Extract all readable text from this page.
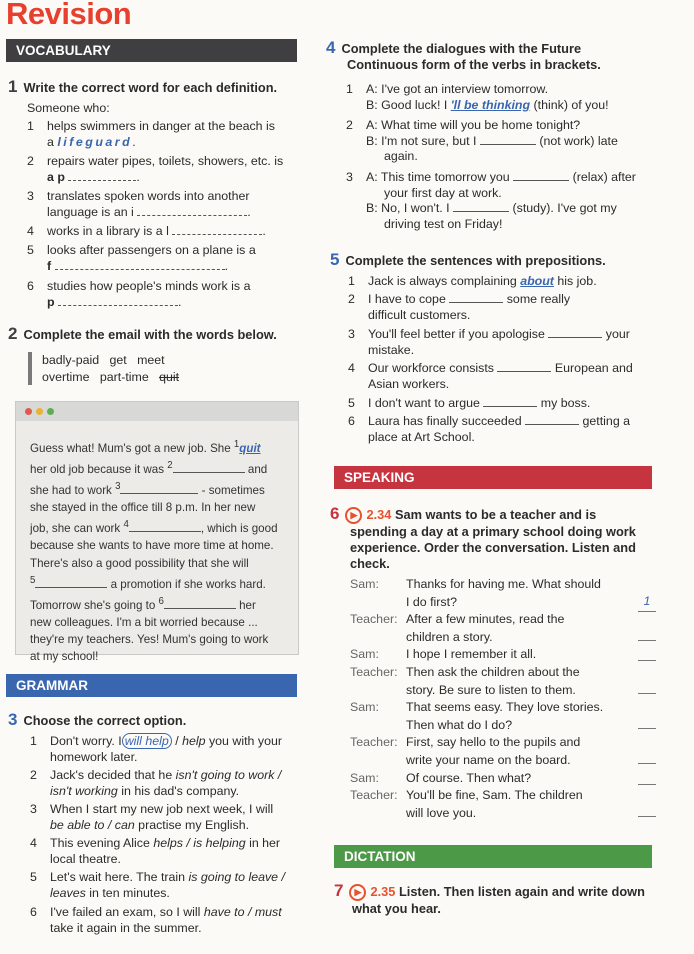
Revision
VOCABULARY
1 Write the correct word for each definition.
Someone who:
1 helps swimmers in danger at the beach is
a lifeguard.
2 repairs water pipes, toilets, showers, etc. is
a p	.
3 translates spoken words into another
language is an i	.
4 works in a library is a l	.
5 looks after passengers on a plane is a
f	.
6 studies how people's minds work is a
p	.
2 Complete the email with the words below.
badly-paid get meet
overtime part-time quit
Guess what! Mum's got a new job. She $^1$quit
her old job because it was $^2$	and
she had to work $^3$	- sometimes
she stayed in the office till 8 p.m. In her new
job, she can work $^4$	, which is good
because she wants to have more time at home.
There's also a good possibility that she will
$^5$	a promotion if she works hard.
Tomorrow she's going to $^6$	her
new colleagues. I'm a bit worried because ...
they're my teachers. Yes! Mum's going to work
at my school!
GRAMMAR
3 Choose the correct option.
1 Don't worry. I will help / help you with your
homework later.
2 Jack's decided that he isn't going to work /
isn't working in his dad's company.
3 When I start my new job next week, I will
be able to / can practise my English.
4 This evening Alice helps / is helping in her
local theatre.
5 Let's wait here. The train is going to leave /
leaves in ten minutes.
6 I've failed an exam, so I will have to / must
take it again in the summer.
4 Complete the dialogues with the Future
Continuous form of the verbs in brackets.
1 A: I've got an interview tomorrow.
B: Good luck! I 'll be thinking (think) of you!
2 A: What time will you be home tonight?
B: I'm not sure, but I	(not work) late
again.
3 A: This time tomorrow you	(relax) after
your first day at work.
B: No, I won't. I	(study). I've got my
driving test on Friday!
5 Complete the sentences with prepositions.
1 Jack is always complaining about his job.
2 I have to cope	some really
difficult customers.
3 You'll feel better if you apologise	your
mistake.
4 Our workforce consists	European and
Asian workers.
5 I don't want to argue	my boss.
6 Laura has finally succeeded	getting a
place at Art School.
SPEAKING
6 ▶ 2.34 Sam wants to be a teacher and is
spending a day at a primary school doing work
experience. Order the conversation. Listen and
check.
Sam: Thanks for having me. What should
I do first?	1
Teacher: After a few minutes, read the
children a story.
Sam: I hope I remember it all.
Teacher: Then ask the children about the
story. Be sure to listen to them.
Sam: That seems easy. They love stories.
Then what do I do?
Teacher: First, say hello to the pupils and
write your name on the board.
Sam: Of course. Then what?
Teacher: You'll be fine, Sam. The children
will love you.
DICTATION
7 ▶ 2.35 Listen. Then listen again and write down
what you hear.
